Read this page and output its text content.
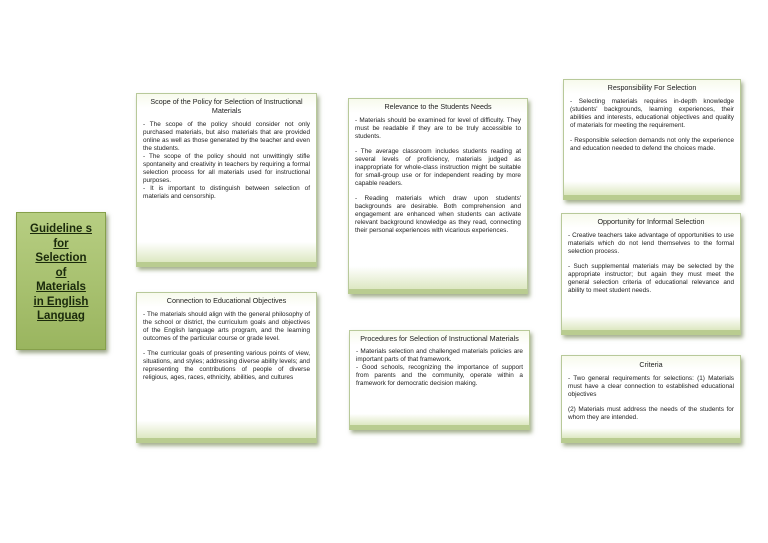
Guideline s for Selection of Materials in English Languag
Scope of the Policy for Selection of Instructional Materials

- The scope of the policy should consider not only purchased materials, but also materials that are provided online as well as those generated by the teacher and even the students.

- The scope of the policy should not unwittingly stifle spontaneity and creativity in teachers by requiring a formal selection process for all materials used for instructional purposes.

- It is important to distinguish between selection of materials and censorship.

Relevance to the Students Needs

- Materials should be examined for level of difficulty. They must be readable if they are to be truly accessible to students.

- The average classroom includes students reading at several levels of proficiency, materials judged as inappropriate for whole-class instruction might be suitable for small-group use or for independent reading by more capable readers.

- Reading materials which draw upon students' backgrounds are desirable. Both comprehension and engagement are enhanced when students can activate relevant background knowledge as they read, connecting their personal experiences with vicarious experiences.

Responsibility For Selection

- Selecting materials requires in-depth knowledge (students' backgrounds, learning experiences, their abilities and interests, educational objectives and quality of materials for meeting the requirement.

- Responsible selection demands not only the experience and education needed to defend the choices made.

Opportunity for Informal Selection

- Creative teachers take advantage of opportunities to use materials which do not lend themselves to the formal selection process.

- Such supplemental materials may be selected by the appropriate instructor; but again they must meet the general selection criteria of educational relevance and ability to meet student needs.

Connection to Educational Objectives

- The materials should align with the general philosophy of the school or district, the curriculum goals and objectives of the English language arts program, and the learning outcomes of the particular course or grade level.

- The curricular goals of presenting various points of view, situations, and styles; addressing diverse ability levels; and representing the contributions of people of diverse religious, ages, races, ethnicity, abilities, and cultures

Procedures for Selection of Instructional Materials

- Materials selection and challenged materials policies are important parts of that framework.

- Good schools, recognizing the importance of support from parents and the community, operate within a framework for democratic decision making.

Criteria

- Two general requirements for selections: (1) Materials must have a clear connection to established educational objectives

(2) Materials must address the needs of the students for whom they are intended.
